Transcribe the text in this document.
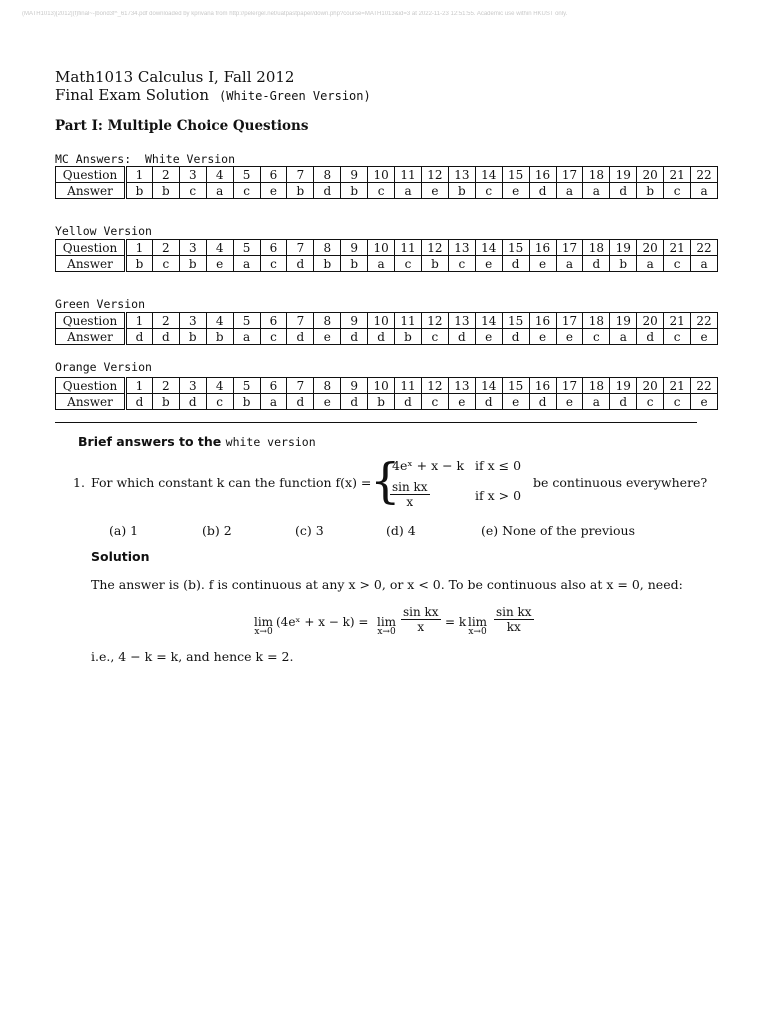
(MATH1013)[2012](f)final~-|bond3f^_61734.pdf downloaded by kprivana from http://pelergel.net/uatpastpaper/down.php?course=MATH1013&id=3 at 2022-11-23 12:51:55. Academic use within HKUST only.
Math1013 Calculus I, Fall 2012
Final Exam Solution (White-Green Version)
Part I: Multiple Choice Questions
MC Answers:  White Version
Question	1	2	3	4	5	6	7	8	9	10	11	12	13	14	15	16	17	18	19	20	21	22
Answer	b	b	c	a	c	e	b	d	b	c	a	e	b	c	e	d	a	a	d	b	c	a
Yellow Version
Question	1	2	3	4	5	6	7	8	9	10	11	12	13	14	15	16	17	18	19	20	21	22
Answer	b	c	b	e	a	c	d	b	b	a	c	b	c	e	d	e	a	d	b	a	c	a
Green Version
Question	1	2	3	4	5	6	7	8	9	10	11	12	13	14	15	16	17	18	19	20	21	22
Answer	d	d	b	b	a	c	d	e	d	d	b	c	d	e	d	e	e	c	a	d	c	e
Orange Version
Question	1	2	3	4	5	6	7	8	9	10	11	12	13	14	15	16	17	18	19	20	21	22
Answer	d	b	d	c	b	a	d	e	d	b	d	c	e	d	e	d	e	a	d	c	c	e
Brief answers to the white version
1. For which constant k can the function f(x) =
{
4eˣ + x − k if x ≤ 0
$\frac{\text{sin kx}}{x}$	if x > 0
be continuous everywhere?
(a) 1	(b) 2	(c) 3	(d) 4	(e) None of the previous
Solution
The answer is (b). f is continuous at any x > 0, or x < 0. To be continuous also at x = 0, need:
lim
x→0
(4eˣ + x − k) = lim
$x\to 0 \frac{\text{sin kx}}{x} = k$ lim
$x\to 0 \frac{\text{sin kx}}{kx}$
i.e., 4 − k = k, and hence k = 2.
